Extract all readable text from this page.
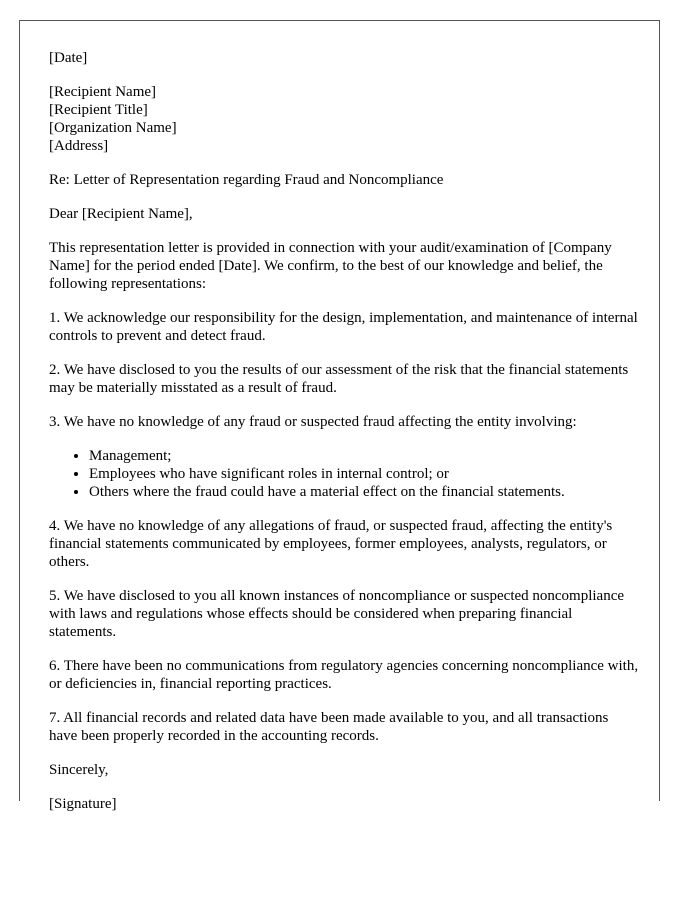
[Date]

[Recipient Name]
[Recipient Title]
[Organization Name]
[Address]

Re: Letter of Representation regarding Fraud and Noncompliance

Dear [Recipient Name],

This representation letter is provided in connection with your audit/examination of [Company Name] for the period ended [Date]. We confirm, to the best of our knowledge and belief, the following representations:

1. We acknowledge our responsibility for the design, implementation, and maintenance of internal controls to prevent and detect fraud.

2. We have disclosed to you the results of our assessment of the risk that the financial statements may be materially misstated as a result of fraud.

3. We have no knowledge of any fraud or suspected fraud affecting the entity involving:

• Management;
• Employees who have significant roles in internal control; or
• Others where the fraud could have a material effect on the financial statements.

4. We have no knowledge of any allegations of fraud, or suspected fraud, affecting the entity's financial statements communicated by employees, former employees, analysts, regulators, or others.

5. We have disclosed to you all known instances of noncompliance or suspected noncompliance with laws and regulations whose effects should be considered when preparing financial statements.

6. There have been no communications from regulatory agencies concerning noncompliance with, or deficiencies in, financial reporting practices.

7. All financial records and related data have been made available to you, and all transactions have been properly recorded in the accounting records.

Sincerely,

[Signature]
